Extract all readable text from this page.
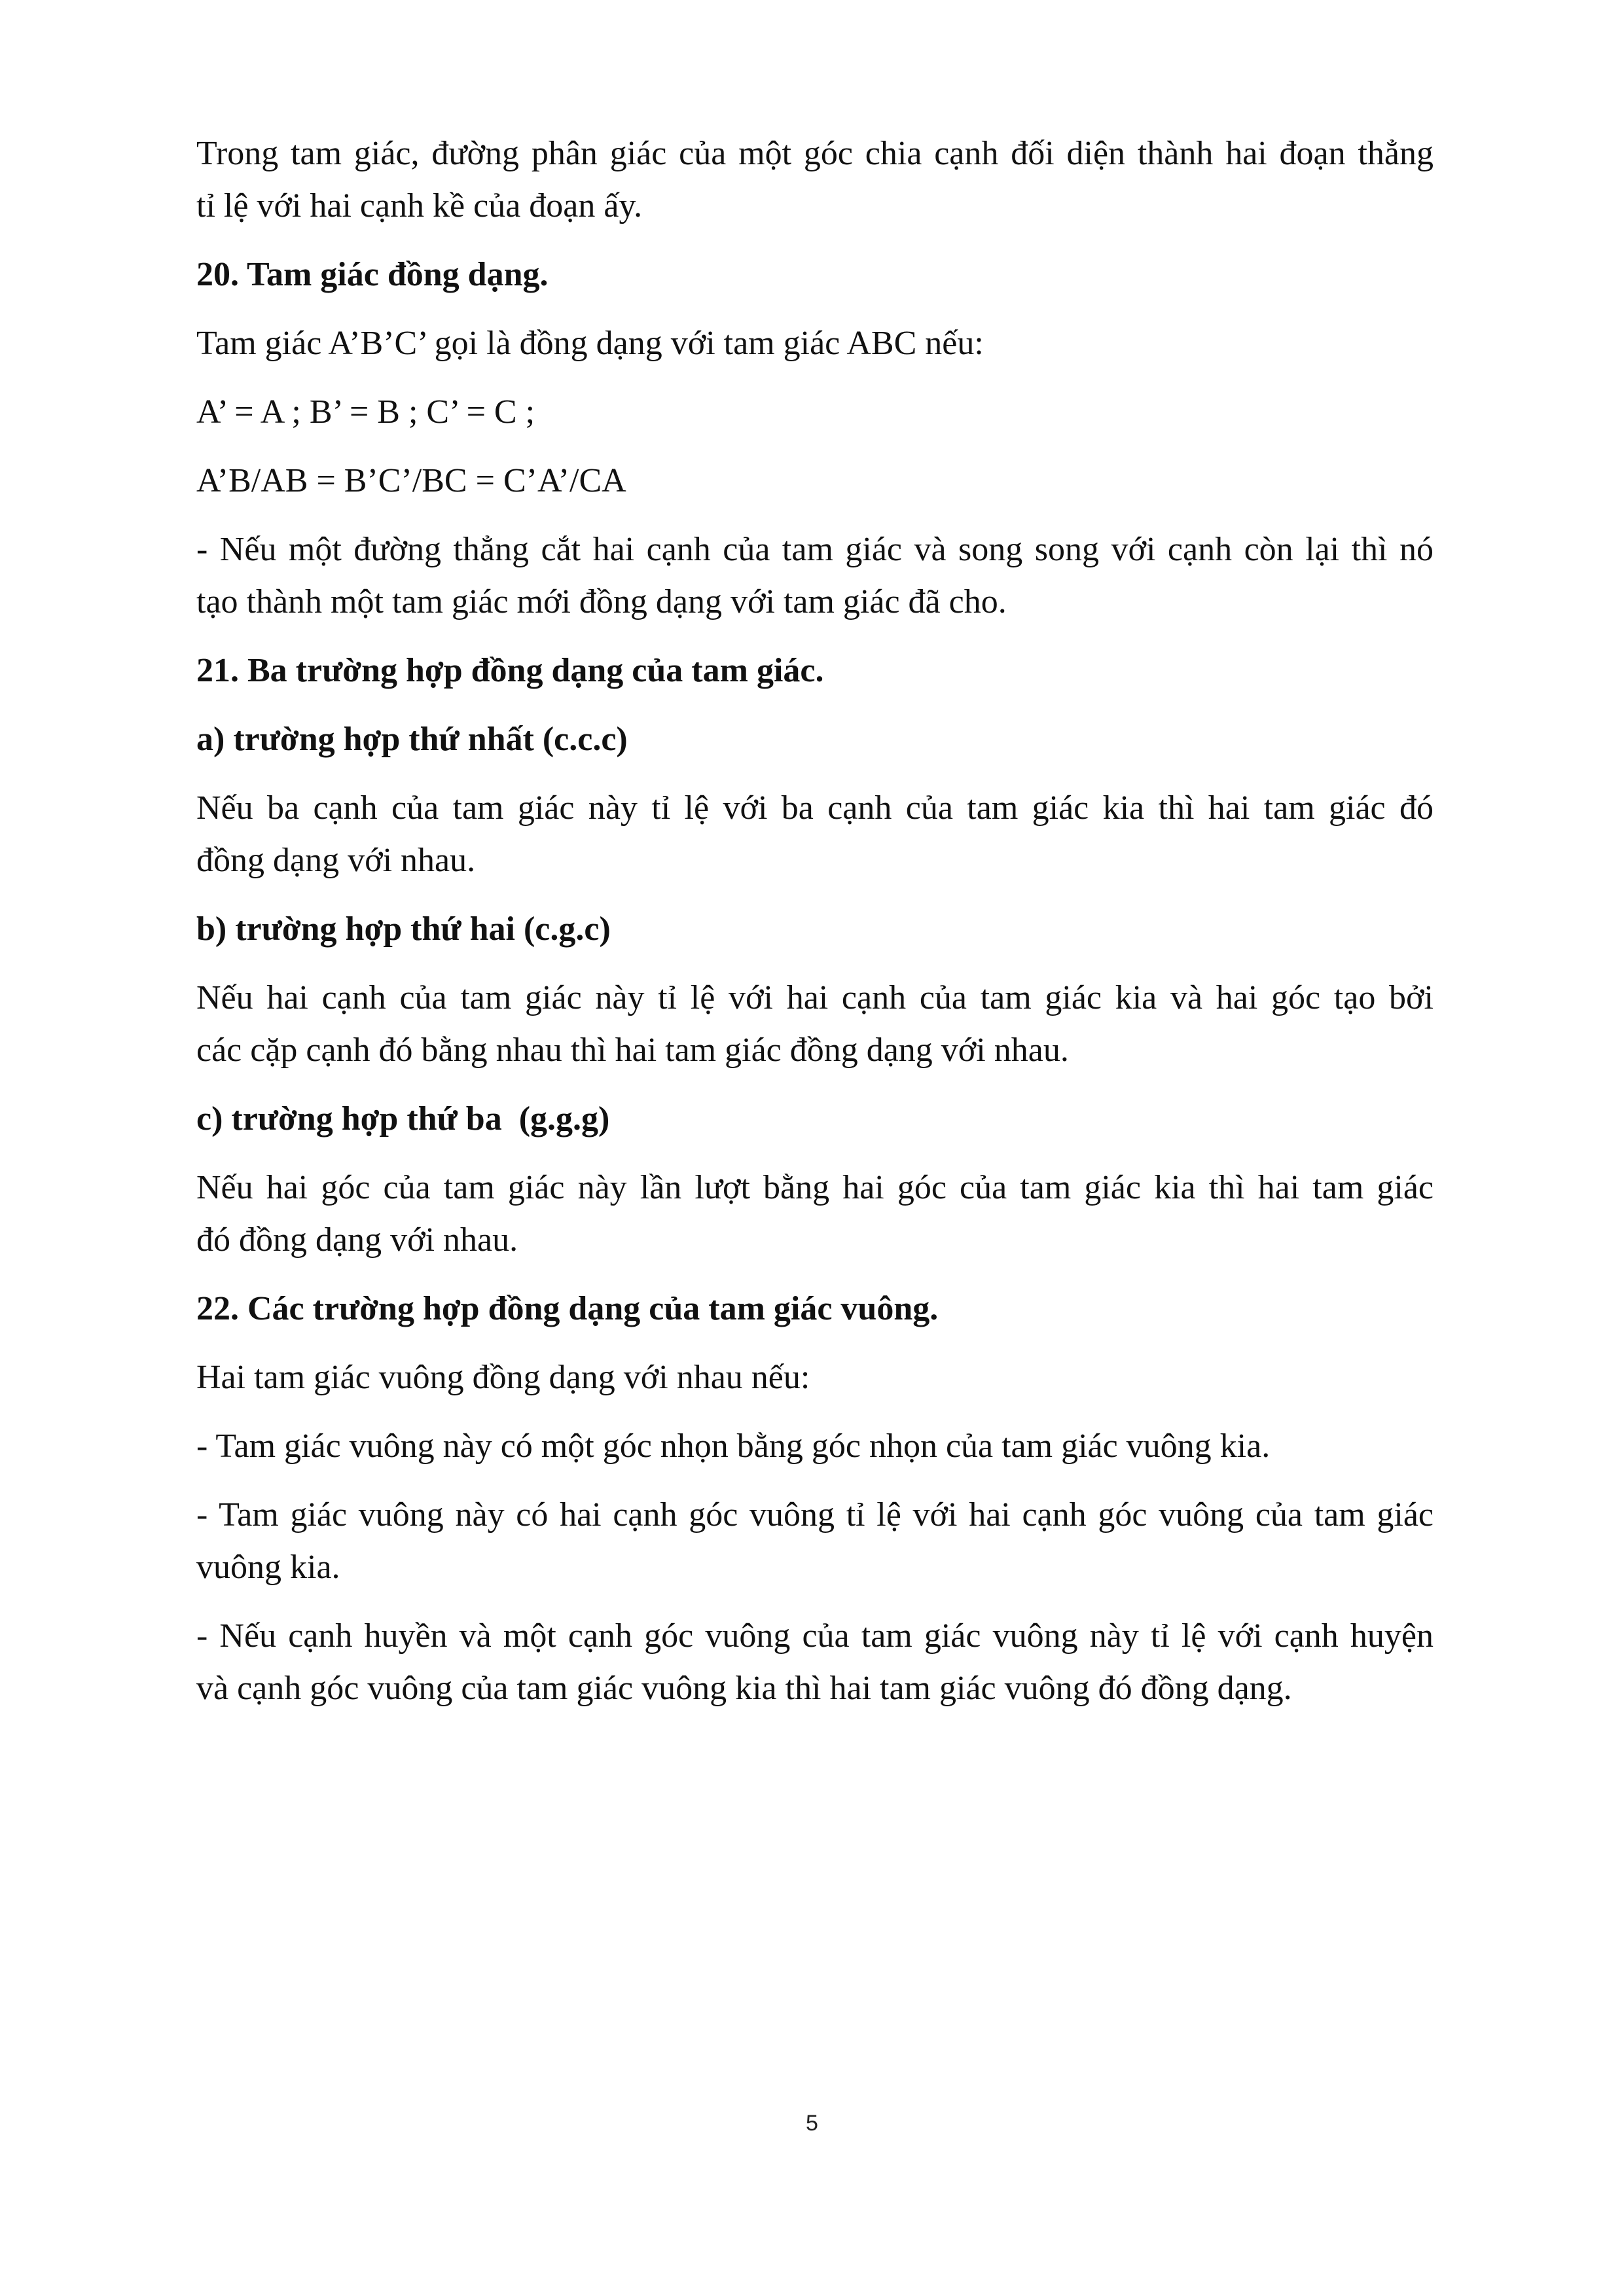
Trong tam giác, đường phân giác của một góc chia cạnh đối diện thành hai đoạn thẳng

tỉ lệ với hai cạnh kề của đoạn ấy.

20. Tam giác đồng dạng.

Tam giác A’B’C’ gọi là đồng dạng với tam giác ABC nếu:

A’ = A ; B’ = B ; C’ = C ;

A’B/AB = B’C’/BC = C’A’/CA

- Nếu một đường thẳng cắt hai cạnh của tam giác và song song với cạnh còn lại thì nó

tạo thành một tam giác mới đồng dạng với tam giác đã cho.

21. Ba trường hợp đồng dạng của tam giác.

a) trường hợp thứ nhất (c.c.c)

Nếu ba cạnh của tam giác này tỉ lệ với ba cạnh của tam giác kia thì hai tam giác đó

đồng dạng với nhau.

b) trường hợp thứ hai (c.g.c)

Nếu hai cạnh của tam giác này tỉ lệ với hai cạnh của tam giác kia và hai góc tạo bởi

các cặp cạnh đó bằng nhau thì hai tam giác đồng dạng với nhau.

c) trường hợp thứ ba  (g.g.g)

Nếu hai góc của tam giác này lần lượt bằng hai góc của tam giác kia thì hai tam giác

đó đồng dạng với nhau.

22. Các trường hợp đồng dạng của tam giác vuông.

Hai tam giác vuông đồng dạng với nhau nếu:

- Tam giác vuông này có một góc nhọn bằng góc nhọn của tam giác vuông kia.

- Tam giác vuông này có hai cạnh góc vuông tỉ lệ với hai cạnh góc vuông của tam giác

vuông kia.

- Nếu cạnh huyền và một cạnh góc vuông của tam giác vuông này tỉ lệ với cạnh huyện

và cạnh góc vuông của tam giác vuông kia thì hai tam giác vuông đó đồng dạng.

5
